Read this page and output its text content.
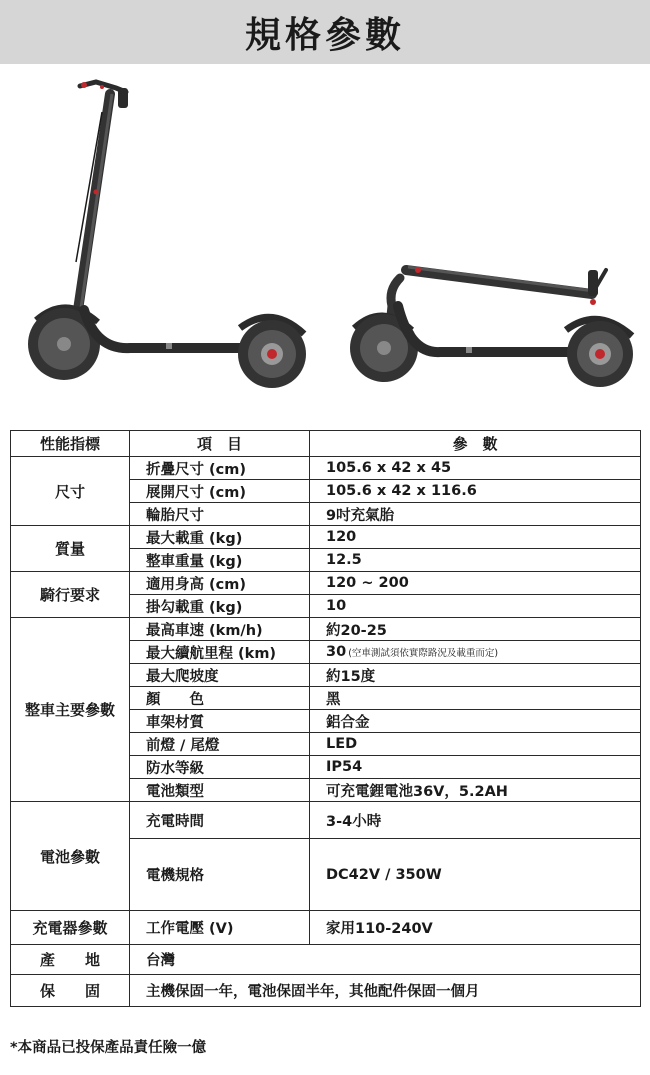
規格參數
性能指標	項　目	參　數
尺寸	折疊尺寸 (cm)	105.6 x 42 x 45
	展開尺寸 (cm)	105.6 x 42 x 116.6
	輪胎尺寸	9吋充氣胎
質量	最大載重 (kg)	120
	整車重量 (kg)	12.5
騎行要求	適用身高 (cm)	120 ~ 200
	掛勾載重 (kg)	10
整車主要參數	最高車速 (km/h)	約20-25
	最大續航里程 (km)	30 (空車測試須依實際路況及載重而定)
	最大爬坡度	約15度
	顏　　色	黑
	車架材質	鋁合金
	前燈 / 尾燈	LED
	防水等級	IP54
	電池類型	可充電鋰電池36V，5.2AH
電池參數	充電時間	3-4小時
	電機規格	DC42V / 350W
充電器參數	工作電壓 (V)	家用110-240V
產　　地	台灣	
保　　固	主機保固一年，電池保固半年，其他配件保固一個月	
*本商品已投保產品責任險一億
